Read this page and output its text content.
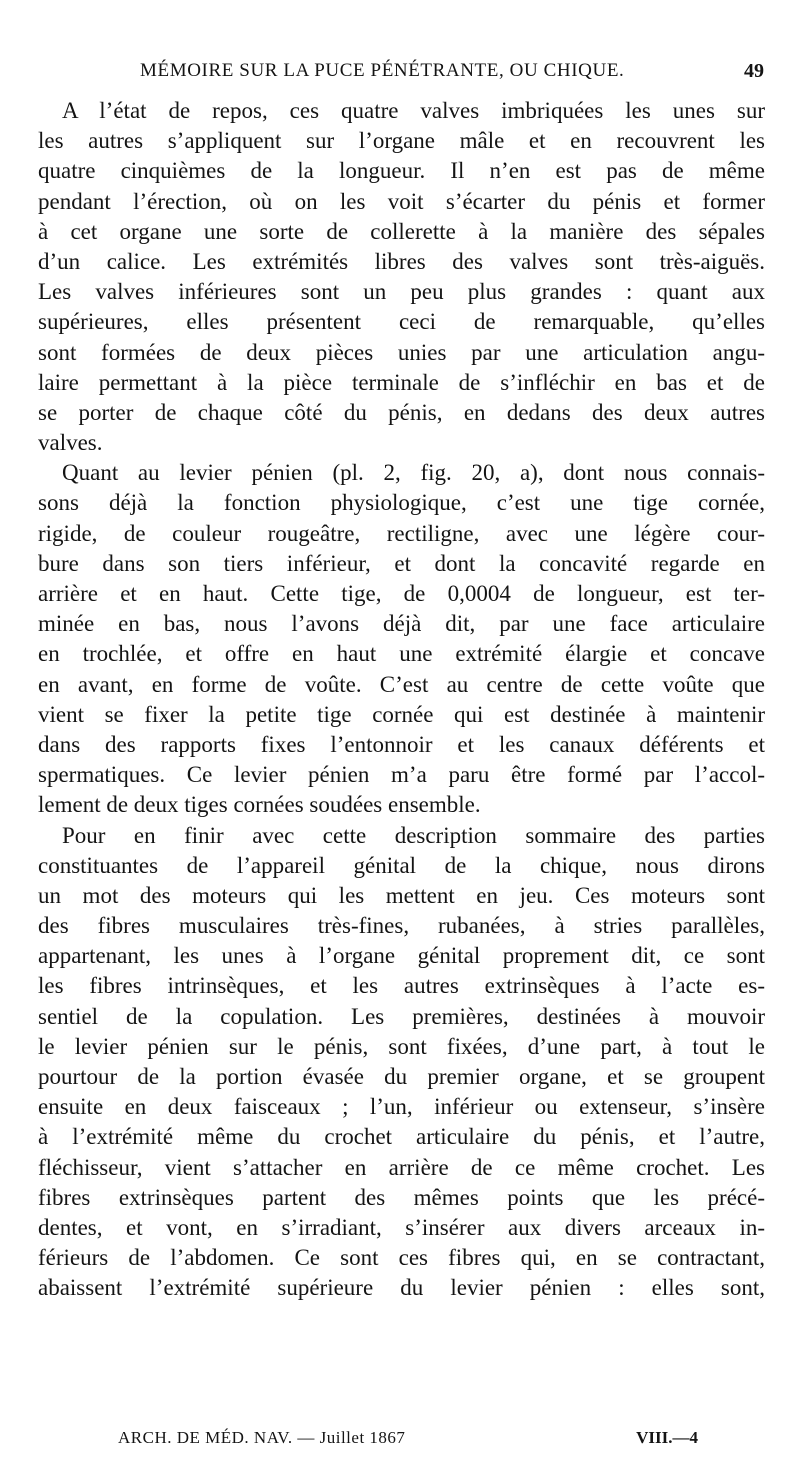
MÉMOIRE SUR LA PUCE PÉNÉTRANTE, OU CHIQUE.	49
A l’état de repos, ces quatre valves imbriquées les unes sur
les autres s’appliquent sur l’organe mâle et en recouvrent les
quatre cinquièmes de la longueur. Il n’en est pas de même
pendant l’érection, où on les voit s’écarter du pénis et former
à cet organe une sorte de collerette à la manière des sépales
d’un calice. Les extrémités libres des valves sont très-aiguës.
Les valves inférieures sont un peu plus grandes : quant aux
supérieures, elles présentent ceci de remarquable, qu’elles
sont formées de deux pièces unies par une articulation angu-
laire permettant à la pièce terminale de s’infléchir en bas et de
se porter de chaque côté du pénis, en dedans des deux autres
valves.
Quant au levier pénien (pl. 2, fig. 20, a), dont nous connais-
sons déjà la fonction physiologique, c’est une tige cornée,
rigide, de couleur rougeâtre, rectiligne, avec une légère cour-
bure dans son tiers inférieur, et dont la concavité regarde en
arrière et en haut. Cette tige, de 0,0004 de longueur, est ter-
minée en bas, nous l’avons déjà dit, par une face articulaire
en trochlée, et offre en haut une extrémité élargie et concave
en avant, en forme de voûte. C’est au centre de cette voûte que
vient se fixer la petite tige cornée qui est destinée à maintenir
dans des rapports fixes l’entonnoir et les canaux déférents et
spermatiques. Ce levier pénien m’a paru être formé par l’accol-
lement de deux tiges cornées soudées ensemble.
Pour en finir avec cette description sommaire des parties
constituantes de l’appareil génital de la chique, nous dirons
un mot des moteurs qui les mettent en jeu. Ces moteurs sont
des fibres musculaires très-fines, rubanées, à stries parallèles,
appartenant, les unes à l’organe génital proprement dit, ce sont
les fibres intrinsèques, et les autres extrinsèques à l’acte es-
sentiel de la copulation. Les premières, destinées à mouvoir
le levier pénien sur le pénis, sont fixées, d’une part, à tout le
pourtour de la portion évasée du premier organe, et se groupent
ensuite en deux faisceaux ; l’un, inférieur ou extenseur, s’insère
à l’extrémité même du crochet articulaire du pénis, et l’autre,
fléchisseur, vient s’attacher en arrière de ce même crochet. Les
fibres extrinsèques partent des mêmes points que les précé-
dentes, et vont, en s’irradiant, s’insérer aux divers arceaux in-
férieurs de l’abdomen. Ce sont ces fibres qui, en se contractant,
abaissent l’extrémité supérieure du levier pénien : elles sont,
ARCH. DE MÉD. NAV. — Juillet 1867	VIII.—4
